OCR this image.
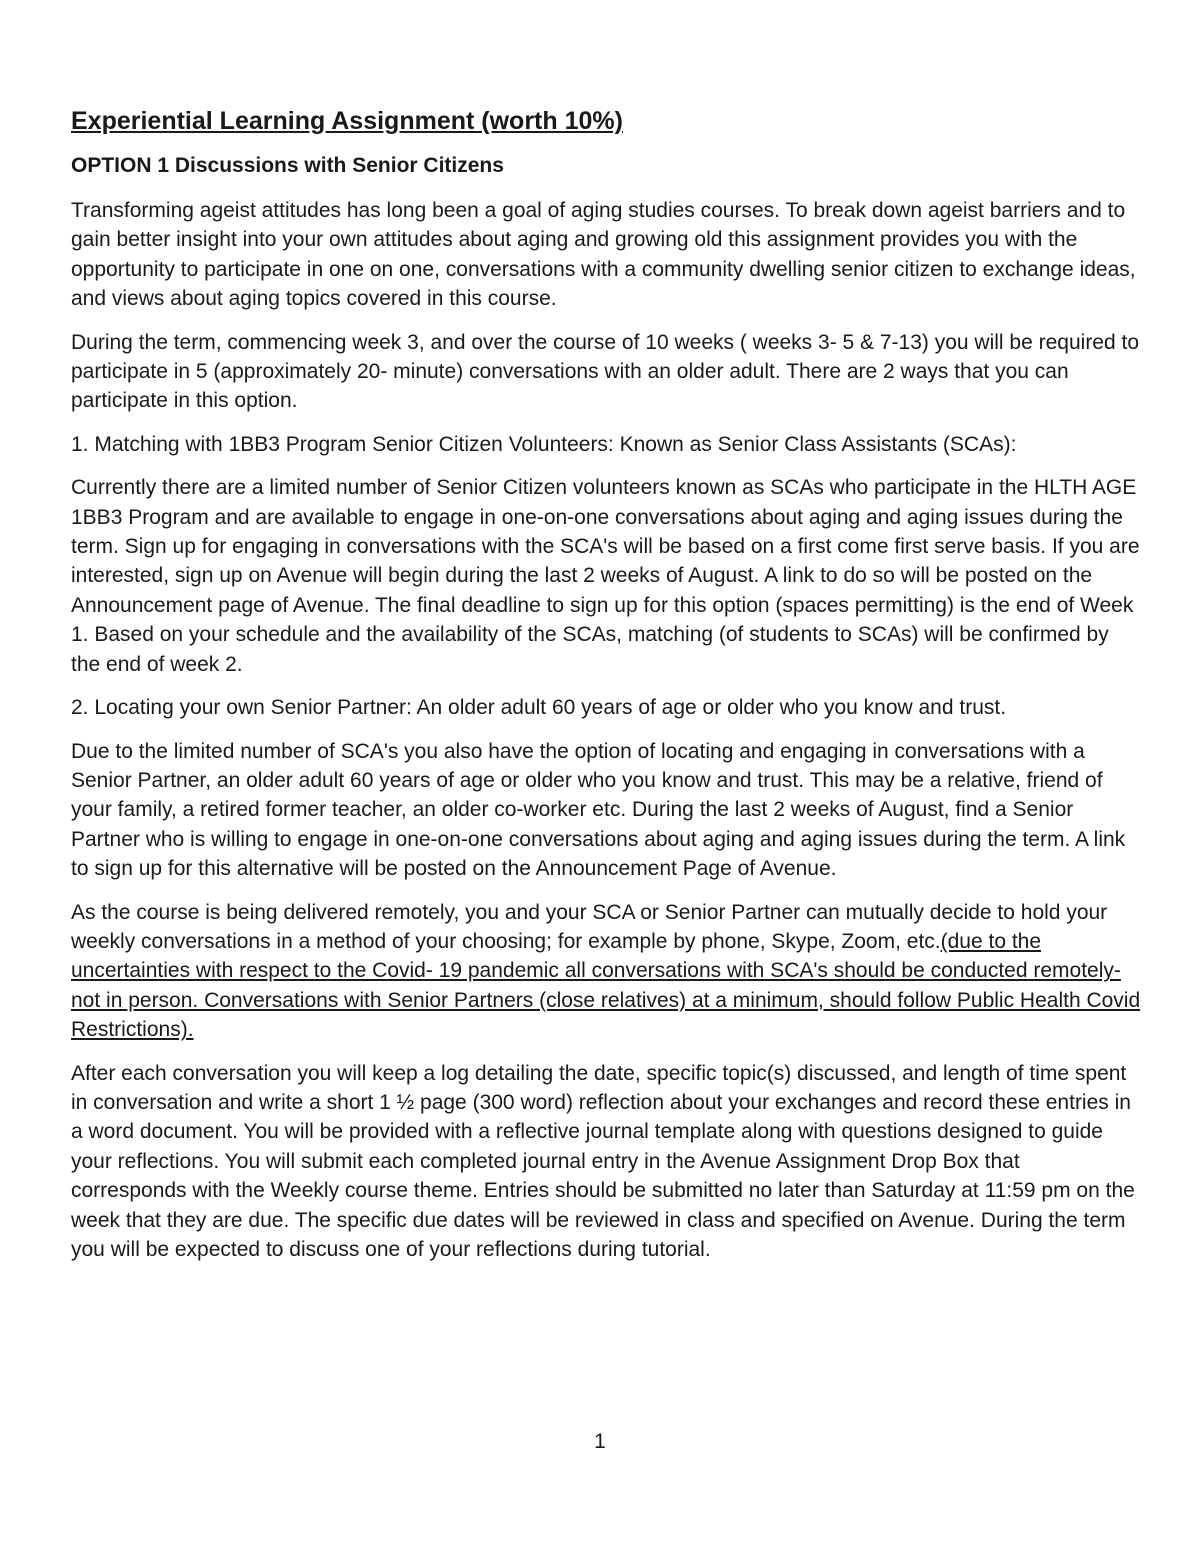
Experiential Learning Assignment (worth 10%)
OPTION 1 Discussions with Senior Citizens

Transforming ageist attitudes has long been a goal of aging studies courses. To break down ageist barriers and to gain better insight into your own attitudes about aging and growing old this assignment provides you with the opportunity to participate in one on one, conversations with a community dwelling senior citizen to exchange ideas, and views about aging topics covered in this course.

During the term, commencing week 3, and over the course of 10 weeks ( weeks 3- 5 & 7-13) you will be required to participate in 5 (approximately 20- minute) conversations with an older adult. There are 2 ways that you can participate in this option.

1. Matching with 1BB3 Program Senior Citizen Volunteers: Known as Senior Class Assistants (SCAs):

Currently there are a limited number of Senior Citizen volunteers known as SCAs who participate in the HLTH AGE 1BB3 Program and are available to engage in one-on-one conversations about aging and aging issues during the term. Sign up for engaging in conversations with the SCA's will be based on a first come first serve basis. If you are interested, sign up on Avenue will begin during the last 2 weeks of August. A link to do so will be posted on the Announcement page of Avenue. The final deadline to sign up for this option (spaces permitting) is the end of Week 1. Based on your schedule and the availability of the SCAs, matching (of students to SCAs) will be confirmed by the end of week 2.

2. Locating your own Senior Partner: An older adult 60 years of age or older who you know and trust.

Due to the limited number of SCA's you also have the option of locating and engaging in conversations with a Senior Partner, an older adult 60 years of age or older who you know and trust. This may be a relative, friend of your family, a retired former teacher, an older co-worker etc. During the last 2 weeks of August, find a Senior Partner who is willing to engage in one-on-one conversations about aging and aging issues during the term. A link to sign up for this alternative will be posted on the Announcement Page of Avenue.

As the course is being delivered remotely, you and your SCA or Senior Partner can mutually decide to hold your weekly conversations in a method of your choosing; for example by phone, Skype, Zoom, etc.(due to the uncertainties with respect to the Covid- 19 pandemic all conversations with SCA's should be conducted remotely- not in person. Conversations with Senior Partners (close relatives) at a minimum, should follow Public Health Covid Restrictions).

After each conversation you will keep a log detailing the date, specific topic(s) discussed, and length of time spent in conversation and write a short 1 ½ page (300 word) reflection about your exchanges and record these entries in a word document. You will be provided with a reflective journal template along with questions designed to guide your reflections. You will submit each completed journal entry in the Avenue Assignment Drop Box that corresponds with the Weekly course theme. Entries should be submitted no later than Saturday at 11:59 pm on the week that they are due. The specific due dates will be reviewed in class and specified on Avenue. During the term you will be expected to discuss one of your reflections during tutorial.

1
